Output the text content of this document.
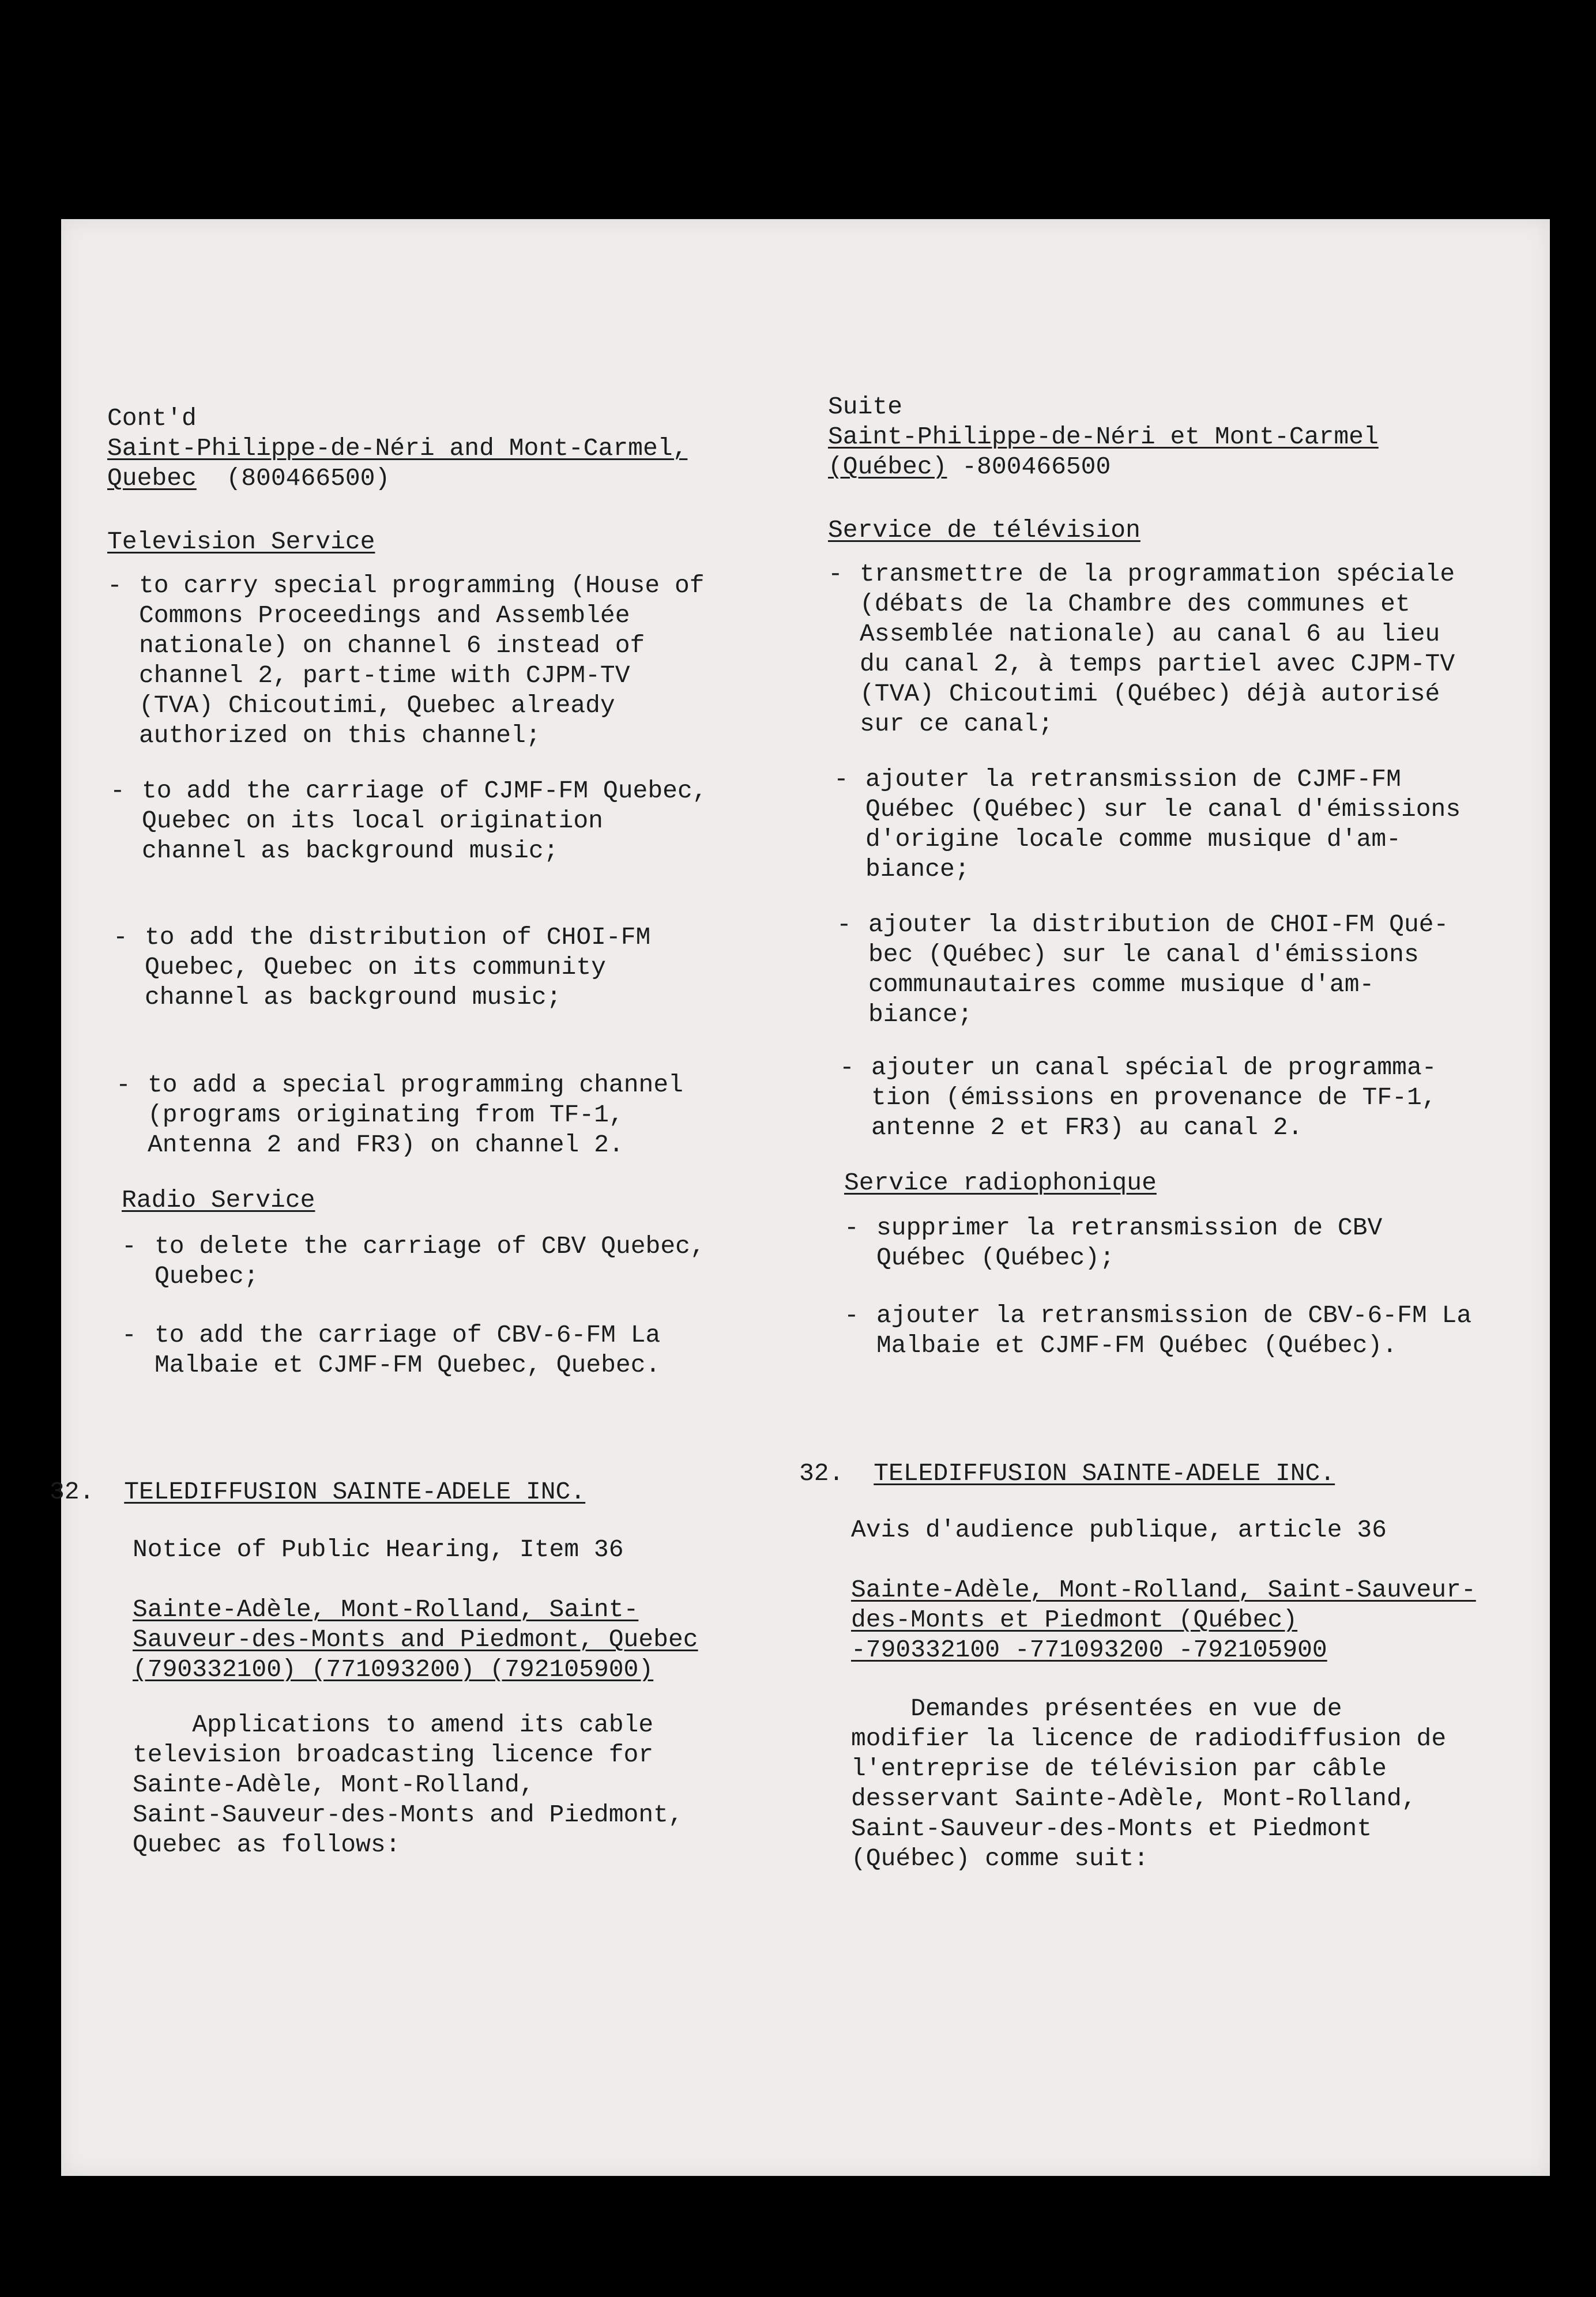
Cont'd
Saint-Philippe-de-Néri and Mont-Carmel,
Quebec  (800466500)
Television Service
- to carry special programming (House of
Commons Proceedings and Assemblée
nationale) on channel 6 instead of
channel 2, part-time with CJPM-TV
(TVA) Chicoutimi, Quebec already
authorized on this channel;
- to add the carriage of CJMF-FM Quebec,
Quebec on its local origination
channel as background music;
- to add the distribution of CHOI-FM
Quebec, Quebec on its community
channel as background music;
- to add a special programming channel
(programs originating from TF-1,
Antenna 2 and FR3) on channel 2.
Radio Service
- to delete the carriage of CBV Quebec,
Quebec;
- to add the carriage of CBV-6-FM La
Malbaie et CJMF-FM Quebec, Quebec.
32. TELEDIFFUSION SAINTE-ADELE INC.
Notice of Public Hearing, Item 36
Sainte-Adèle, Mont-Rolland, Saint-
Sauveur-des-Monts and Piedmont, Quebec
(790332100) (771093200) (792105900)
Applications to amend its cable
television broadcasting licence for
Sainte-Adèle, Mont-Rolland,
Saint-Sauveur-des-Monts and Piedmont,
Quebec as follows:
Suite
Saint-Philippe-de-Néri et Mont-Carmel
(Québec) -800466500
Service de télévision
- transmettre de la programmation spéciale
(débats de la Chambre des communes et
Assemblée nationale) au canal 6 au lieu
du canal 2, à temps partiel avec CJPM-TV
(TVA) Chicoutimi (Québec) déjà autorisé
sur ce canal;
- ajouter la retransmission de CJMF-FM
Québec (Québec) sur le canal d'émissions
d'origine locale comme musique d'am-
biance;
- ajouter la distribution de CHOI-FM Qué-
bec (Québec) sur le canal d'émissions
communautaires comme musique d'am-
biance;
- ajouter un canal spécial de programma-
tion (émissions en provenance de TF-1,
antenne 2 et FR3) au canal 2.
Service radiophonique
- supprimer la retransmission de CBV
Québec (Québec);
- ajouter la retransmission de CBV-6-FM La
Malbaie et CJMF-FM Québec (Québec).
32. TELEDIFFUSION SAINTE-ADELE INC.
Avis d'audience publique, article 36
Sainte-Adèle, Mont-Rolland, Saint-Sauveur-
des-Monts et Piedmont (Québec)
-790332100 -771093200 -792105900
Demandes présentées en vue de
modifier la licence de radiodiffusion de
l'entreprise de télévision par câble
desservant Sainte-Adèle, Mont-Rolland,
Saint-Sauveur-des-Monts et Piedmont
(Québec) comme suit:
